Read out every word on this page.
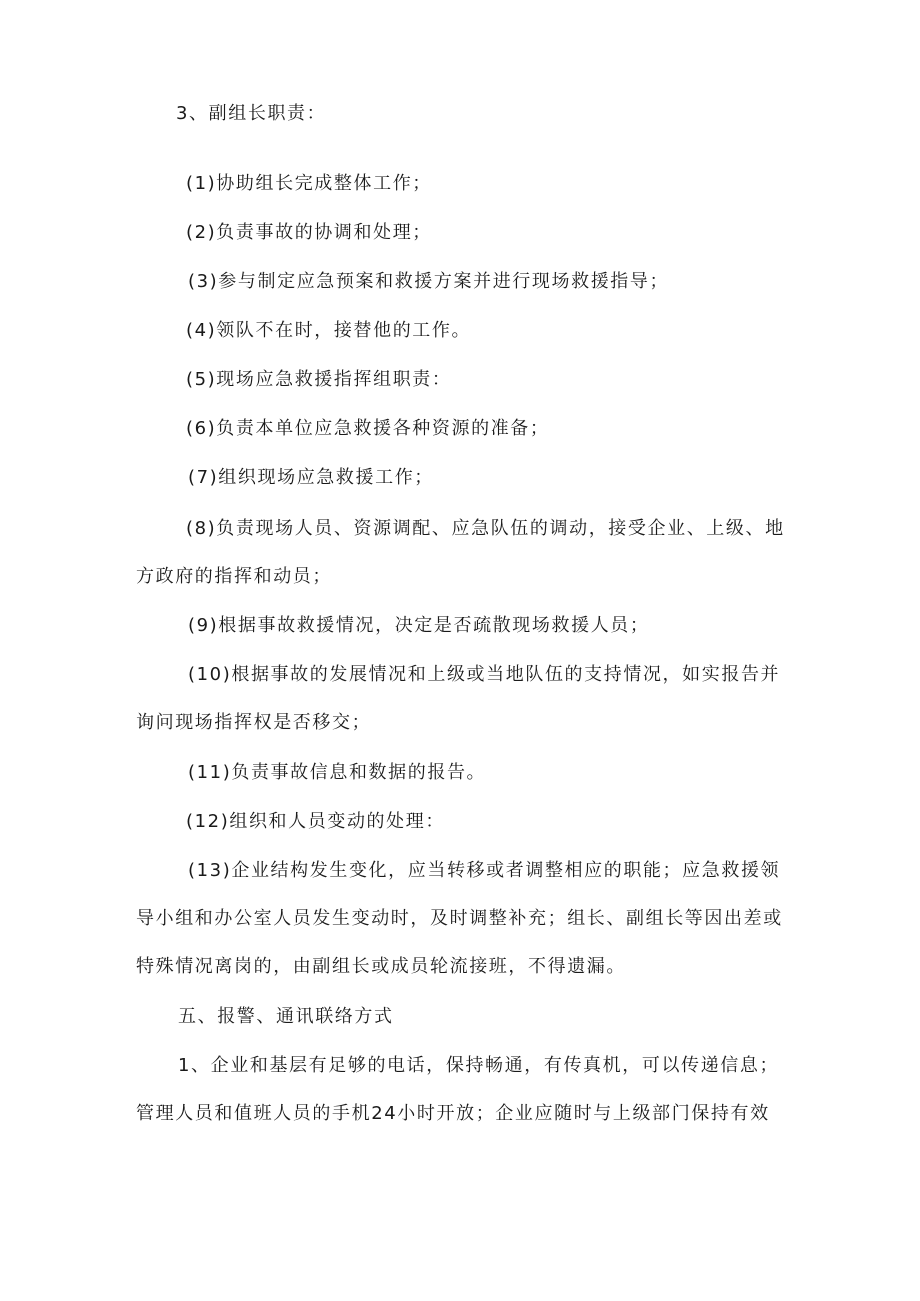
3、副组长职责：

(1)协助组长完成整体工作；

(2)负责事故的协调和处理；

(3)参与制定应急预案和救援方案并进行现场救援指导；

(4)领队不在时，接替他的工作。

(5)现场应急救援指挥组职责：

(6)负责本单位应急救援各种资源的准备；

(7)组织现场应急救援工作；

(8)负责现场人员、资源调配、应急队伍的调动，接受企业、上级、地
方政府的指挥和动员；

(9)根据事故救援情况，决定是否疏散现场救援人员；

(10)根据事故的发展情况和上级或当地队伍的支持情况，如实报告并
询问现场指挥权是否移交；

(11)负责事故信息和数据的报告。

(12)组织和人员变动的处理：

(13)企业结构发生变化，应当转移或者调整相应的职能；应急救援领
导小组和办公室人员发生变动时，及时调整补充；组长、副组长等因出差或
特殊情况离岗的，由副组长或成员轮流接班，不得遗漏。

五、报警、通讯联络方式

1、企业和基层有足够的电话，保持畅通，有传真机，可以传递信息；
管理人员和值班人员的手机24小时开放；企业应随时与上级部门保持有效
